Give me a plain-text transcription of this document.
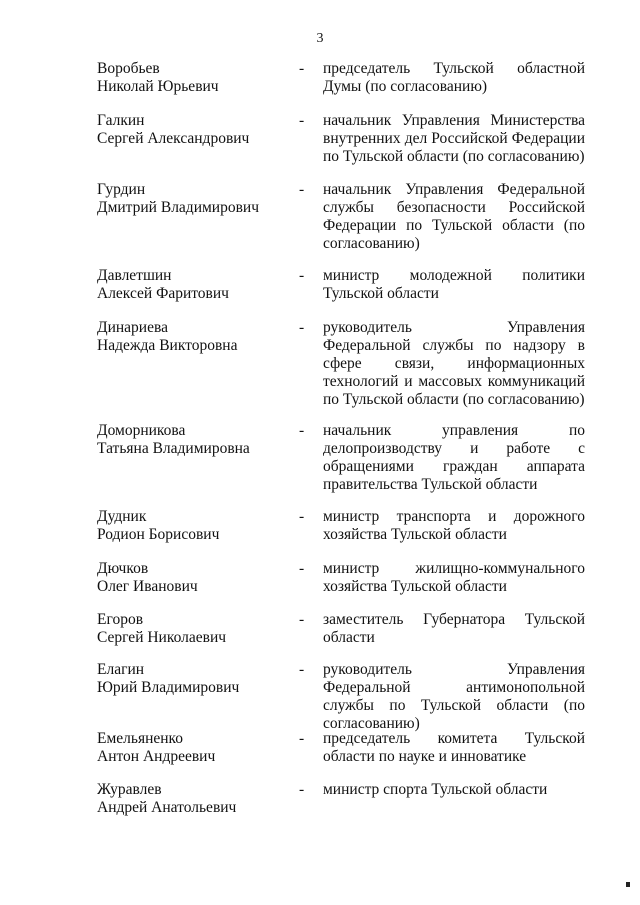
3
Воробьев
Николай Юрьевич
- председатель Тульской областной Думы (по согласованию)
Галкин
Сергей Александрович
- начальник Управления Министерства внутренних дел Российской Федерации по Тульской области (по согласованию)
Гурдин
Дмитрий Владимирович
- начальник Управления Федеральной службы безопасности Российской Федерации по Тульской области (по согласованию)
Давлетшин
Алексей Фаритович
- министр молодежной политики Тульской области
Динариева
Надежда Викторовна
- руководитель Управления Федеральной службы по надзору в сфере связи, информационных технологий и массовых коммуникаций по Тульской области (по согласованию)
Доморникова
Татьяна Владимировна
- начальник управления по делопроизводству и работе с обращениями граждан аппарата правительства Тульской области
Дудник
Родион Борисович
- министр транспорта и дорожного хозяйства Тульской области
Дючков
Олег Иванович
- министр жилищно-коммунального хозяйства Тульской области
Егоров
Сергей Николаевич
- заместитель Губернатора Тульской области
Елагин
Юрий Владимирович
- руководитель Управления Федеральной антимонопольной службы по Тульской области (по согласованию)
Емельяненко
Антон Андреевич
- председатель комитета Тульской области по науке и инноватике
Журавлев
Андрей Анатольевич
- министр спорта Тульской области
